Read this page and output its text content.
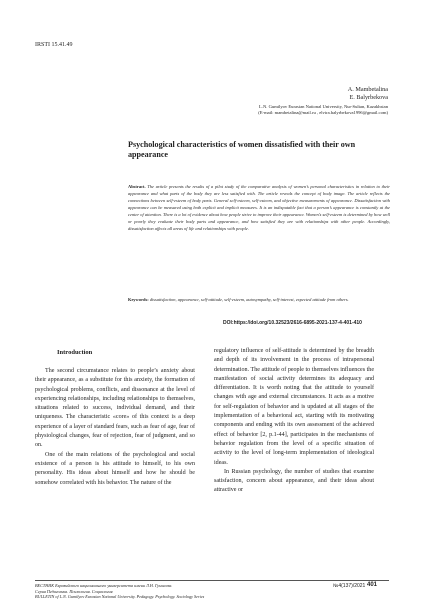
IRSTI 15.41.49
A. Mambetalina
E. Balyrbekova
L.N. Gumilyov Eurasian National University, Nur-Sultan, Kazakhstan
(E-mail: mambetalina@mail.ru , elvira.balyrbekova1996@gmail.com)
Psychological characteristics of women dissatisfied with their own appearance
Abstract. The article presents the results of a pilot study of the comparative analysis of women’s personal characteristics in relation to their appearance and what parts of the body they are less satisfied with. The article reveals the concept of body image. The article reflects the connections between self-esteem of body parts. General self-esteem, self-esteem, and objective measurements of appearance. Dissatisfaction with appearance can be measured using both explicit and implicit measures. It is an indisputable fact that a person’s appearance is constantly at the center of attention. There is a lot of evidence about how people strive to improve their appearance. Women’s self-esteem is determined by how well or poorly they evaluate their body parts and appearance, and how satisfied they are with relationships with other people. Accordingly, dissatisfaction affects all areas of life and relationships with people.
Keywords: dissatisfaction, appearance, self-attitude, self-esteem, autosympathy, self-interest, expected attitude from others.
DOI:https://doi.org/10.32523/2616-6895-2021-137-4-401-410
Introduction

The second circumstance relates to people’s anxiety about their appearance, as a substitute for this anxiety, the formation of psychological problems, conflicts, and dissonance at the level of experiencing relationships, including relationships to themselves, situations related to success, individual demand, and their uniqueness. The characteristic «core» of this context is a deep experience of a layer of standard fears, such as fear of age, fear of physiological changes, fear of rejection, fear of judgment, and so on.

One of the main relations of the psychological and social existence of a person is his attitude to himself, to his own personality. His ideas about himself and how he should be somehow correlated with his behavior. The nature of the

regulatory influence of self-attitude is determined by the breadth and depth of its involvement in the process of intrapersonal determination. The attitude of people to themselves influences the manifestation of social activity determines its adequacy and differentiation. It is worth noting that the attitude to yourself changes with age and external circumstances. It acts as a motive for self-regulation of behavior and is updated at all stages of the implementation of a behavioral act, starting with its motivating components and ending with its own assessment of the achieved effect of behavior [2, p.1-44], participates in the mechanisms of behavior regulation from the level of a specific situation of activity to the level of long-term implementation of ideological ideas.

In Russian psychology, the number of studies that examine satisfaction, concern about appearance, and their ideas about attractive or

ВЕСТНИК Евразийского национального университета имени Л.Н. Гумилева.
Серия Педагогика. Психология. Социология
BULLETIN of L.N. Gumilyov Eurasian National University. Pedagogy. Psychology. Sociology Series
№4(137)/2021 401
